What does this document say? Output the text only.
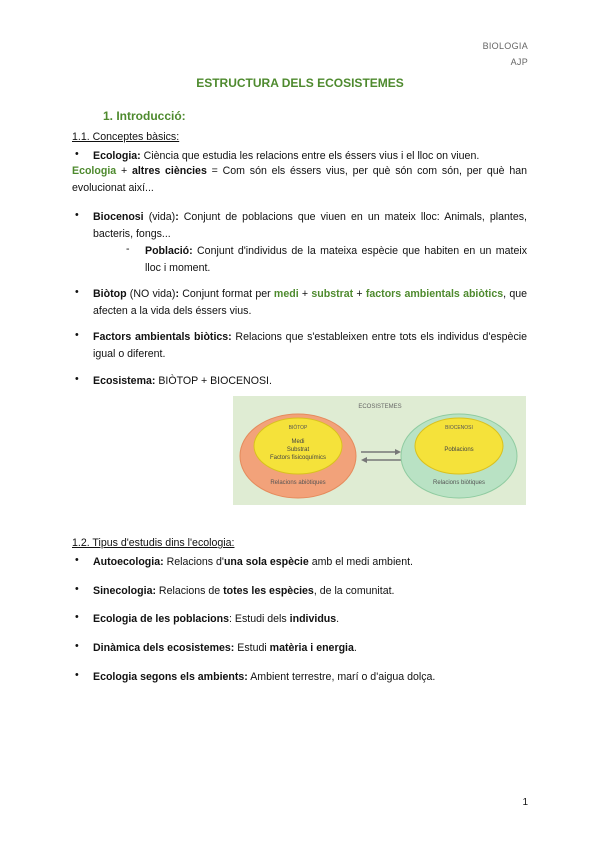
BIOLOGIA
AJP
ESTRUCTURA DELS ECOSISTEMES
1. Introducció:
1.1. Conceptes bàsics:
• Ecologia: Ciència que estudia les relacions entre els éssers vius i el lloc on viuen.
Ecologia + altres ciències = Com són els éssers vius, per què són com són, per què han evolucionat així...
• Biocenosi (vida): Conjunt de poblacions que viuen en un mateix lloc: Animals, plantes, bacteris, fongs...
- Població: Conjunt d'individus de la mateixa espècie que habiten en un mateix lloc i moment.
• Biòtop (NO vida): Conjunt format per medi + substrat + factors ambientals abiòtics, que afecten a la vida dels éssers vius.
• Factors ambientals biòtics: Relacions que s'estableixen entre tots els individus d'espècie igual o diferent.
• Ecosistema: BIÒTOP + BIOCENOSI.
ECOSISTEMES
BIÒTOP
Medi
Substrat
Factors fisicoquímics
Relacions abiòtiques
BIOCENOSI
Poblacions
Relacions biòtiques
1.2. Tipus d'estudis dins l'ecologia:
• Autoecologia: Relacions d'una sola espècie amb el medi ambient.
• Sinecologia: Relacions de totes les espècies, de la comunitat.
• Ecologia de les poblacions: Estudi dels individus.
• Dinàmica dels ecosistemes: Estudi matèria i energia.
• Ecologia segons els ambients: Ambient terrestre, marí o d'aigua dolça.
1
